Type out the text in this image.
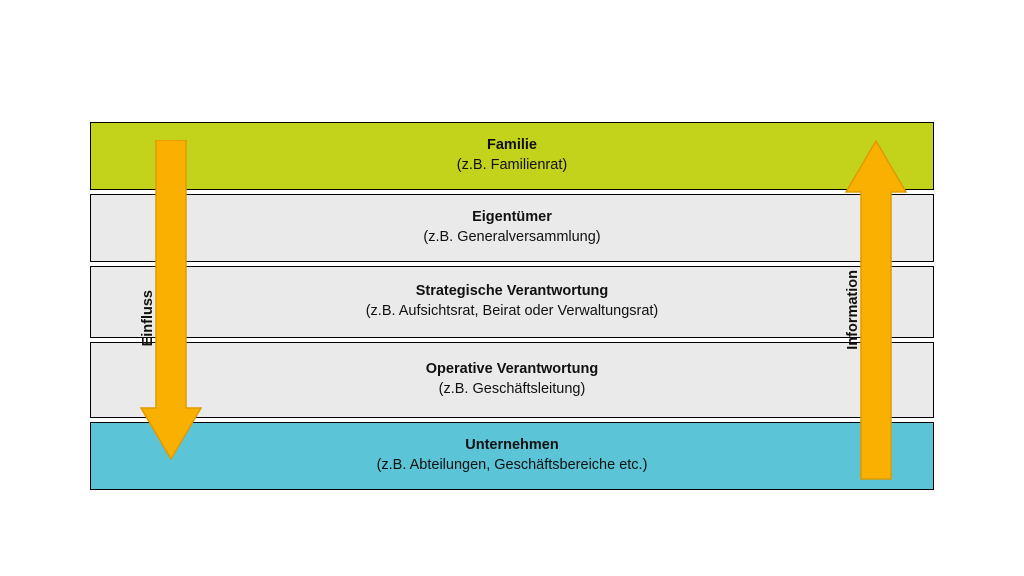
Familie
(z.B. Familienrat)
Eigentümer
(z.B. Generalversammlung)
Strategische Verantwortung
(z.B. Aufsichtsrat, Beirat oder Verwaltungsrat)
Operative Verantwortung
(z.B. Geschäftsleitung)
Unternehmen
(z.B. Abteilungen, Geschäftsbereiche etc.)
Einfluss	Information
